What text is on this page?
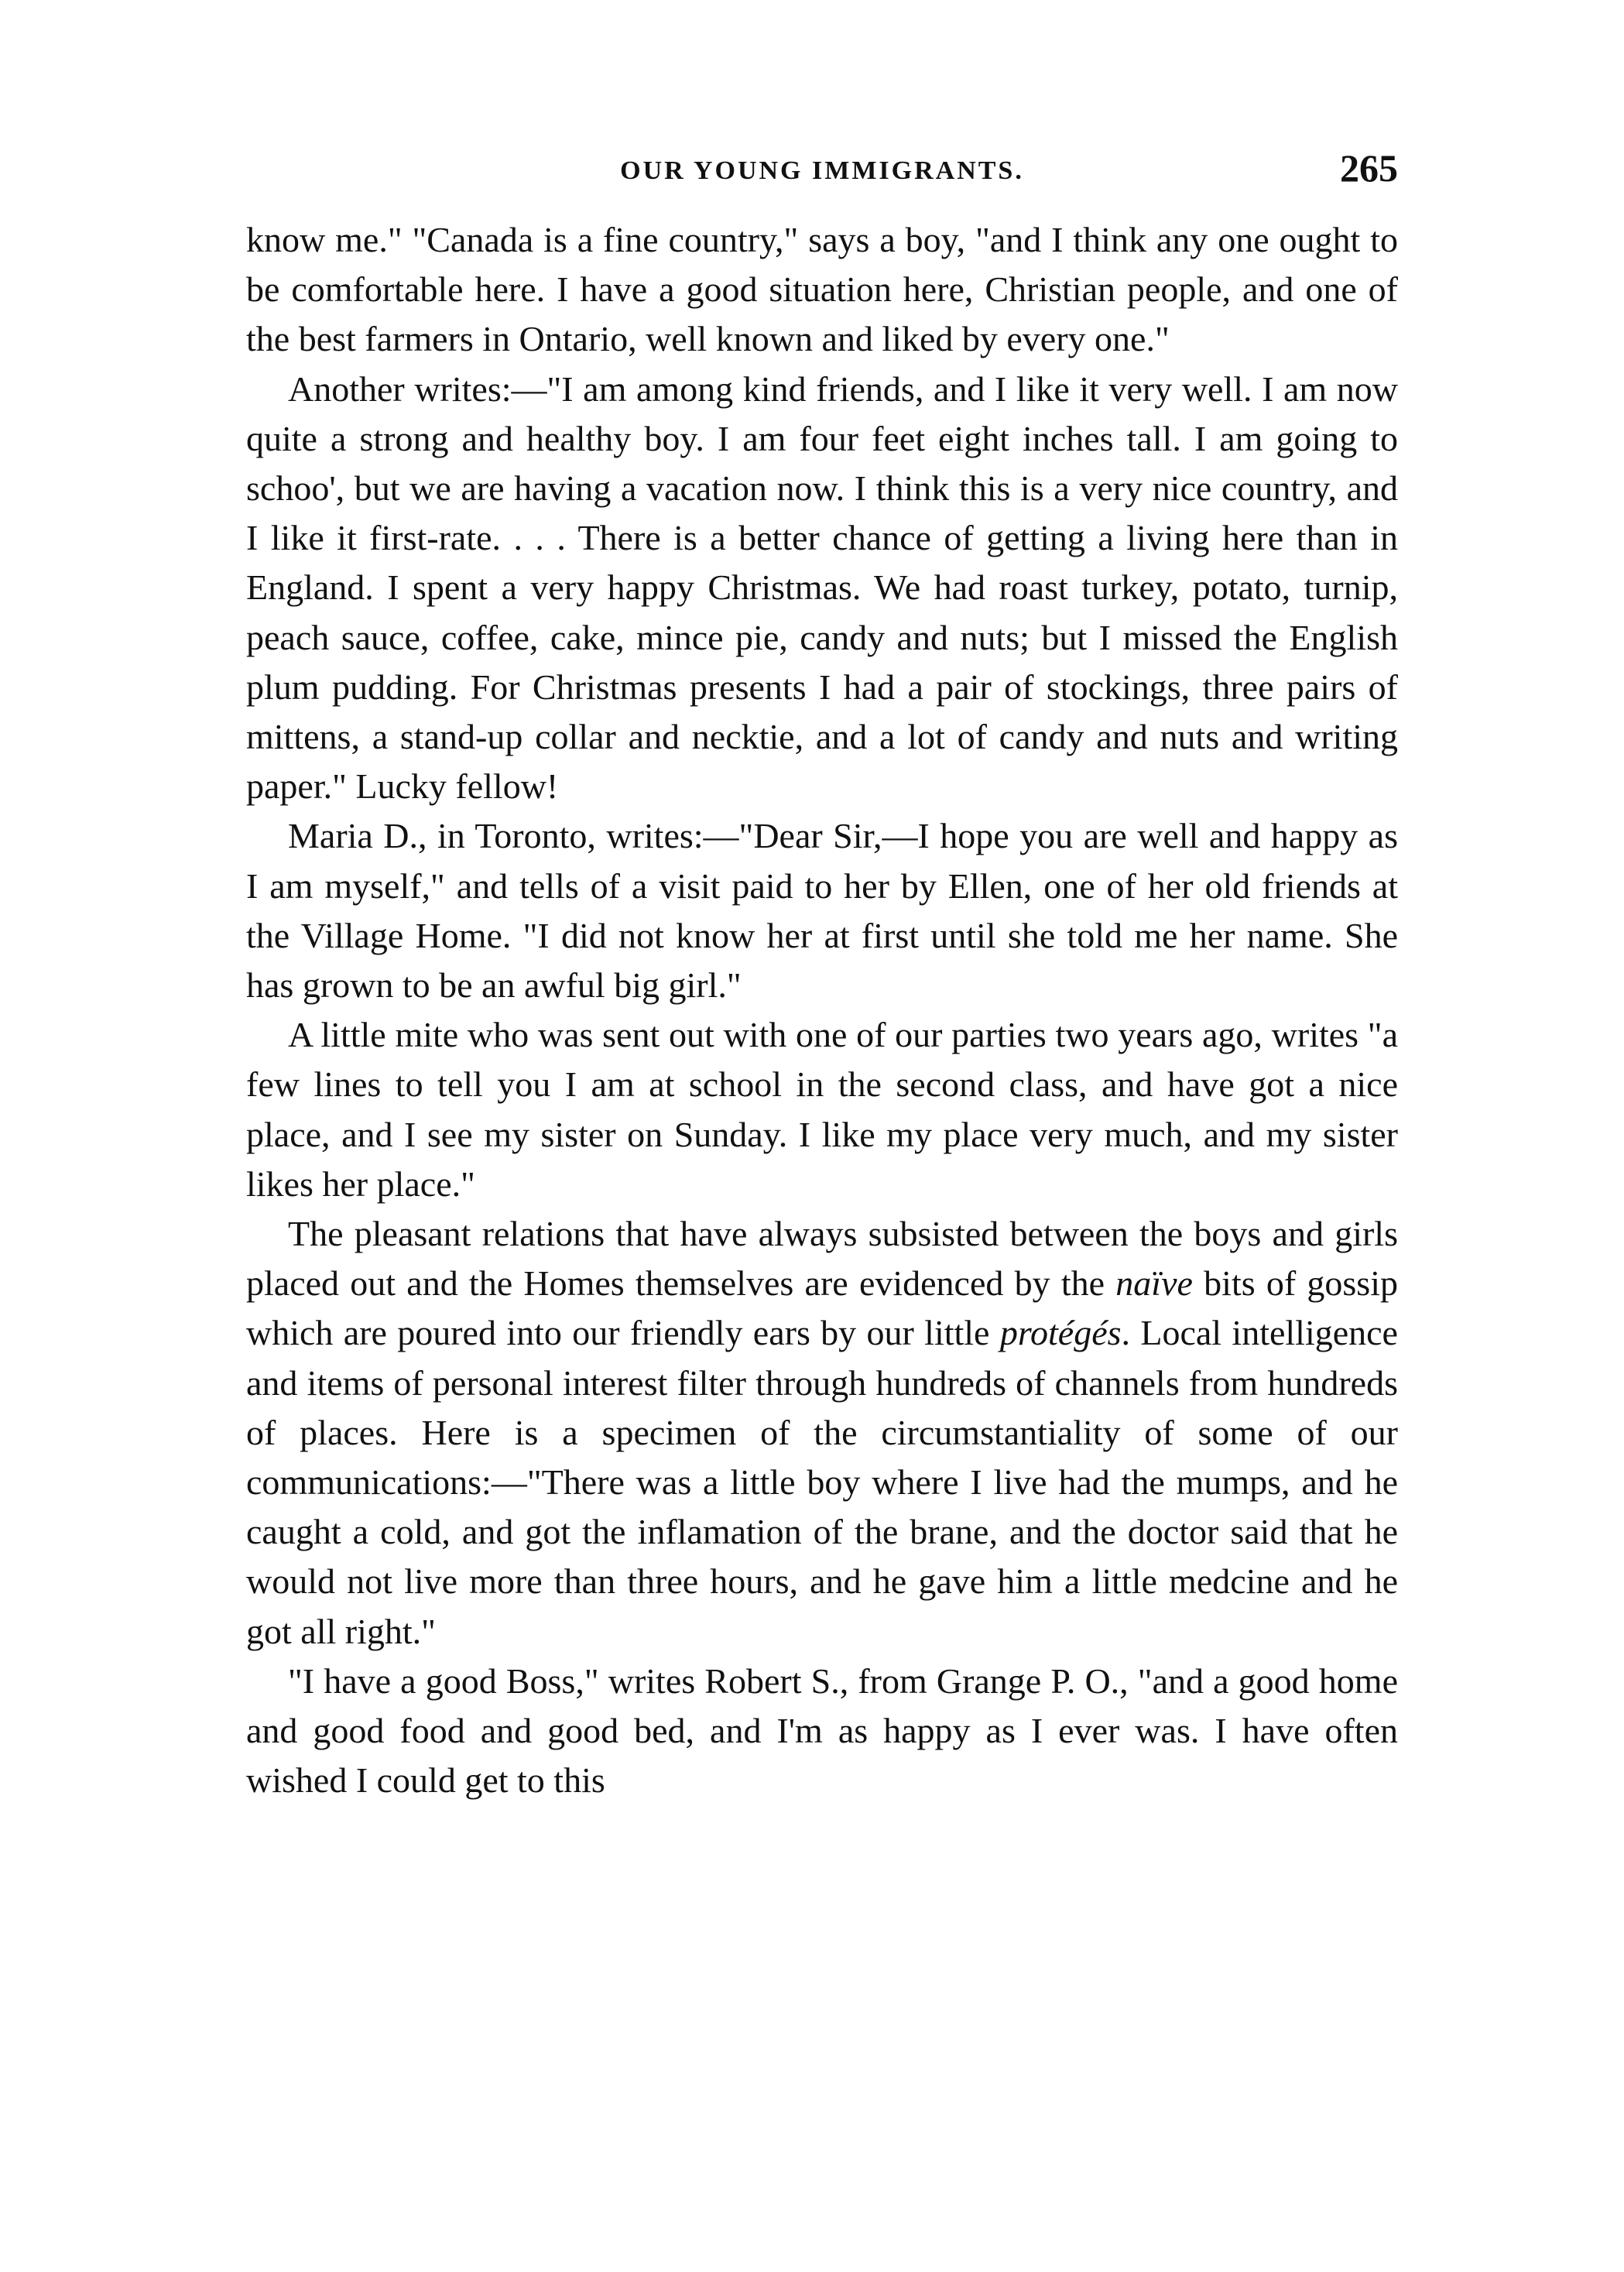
OUR YOUNG IMMIGRANTS.	265

know me." "Canada is a fine country," says a boy, "and I think any one ought to be comfortable here. I have a good situation here, Christian people, and one of the best farmers in Ontario, well known and liked by every one."

Another writes:—"I am among kind friends, and I like it very well. I am now quite a strong and healthy boy. I am four feet eight inches tall. I am going to schoo', but we are having a vacation now. I think this is a very nice country, and I like it first-rate. . . . There is a better chance of getting a living here than in England. I spent a very happy Christmas. We had roast turkey, potato, turnip, peach sauce, coffee, cake, mince pie, candy and nuts; but I missed the English plum pudding. For Christmas presents I had a pair of stockings, three pairs of mittens, a stand-up collar and necktie, and a lot of candy and nuts and writing paper." Lucky fellow!

Maria D., in Toronto, writes:—"Dear Sir,—I hope you are well and happy as I am myself," and tells of a visit paid to her by Ellen, one of her old friends at the Village Home. "I did not know her at first until she told me her name. She has grown to be an awful big girl."

A little mite who was sent out with one of our parties two years ago, writes "a few lines to tell you I am at school in the second class, and have got a nice place, and I see my sister on Sunday. I like my place very much, and my sister likes her place."

The pleasant relations that have always subsisted between the boys and girls placed out and the Homes themselves are evidenced by the naïve bits of gossip which are poured into our friendly ears by our little protégés. Local intelligence and items of personal interest filter through hundreds of channels from hundreds of places. Here is a specimen of the circumstantiality of some of our communications:—"There was a little boy where I live had the mumps, and he caught a cold, and got the inflamation of the brane, and the doctor said that he would not live more than three hours, and he gave him a little medcine and he got all right."

"I have a good Boss," writes Robert S., from Grange P. O., "and a good home and good food and good bed, and I'm as happy as I ever was. I have often wished I could get to this
